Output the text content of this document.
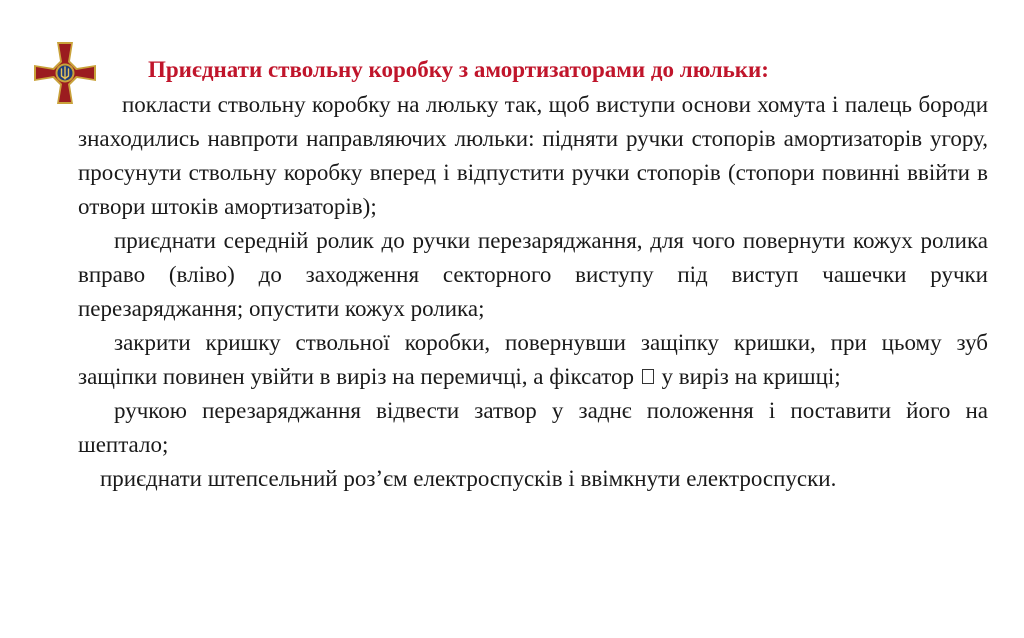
Приєднати ствольну коробку з амортизаторами до люльки:

покласти ствольну коробку на люльку так, щоб виступи основи хомута і палець бороди знаходились навпроти направляючих люльки: підняти ручки стопорів амортизаторів угору, просунути ствольну коробку вперед і відпустити ручки стопорів (стопори повинні ввійти в отвори штоків амортизаторів);

приєднати середній ролик до ручки перезаряджання, для чого повернути кожух ролика вправо (вліво) до заходження секторного виступу під виступ чашечки ручки перезаряджання; опустити кожух ролика;

закрити кришку ствольної коробки, повернувши защіпку кришки, при цьому зуб защіпки повинен увійти в виріз на перемичці, а фіксатор у виріз на кришці;

ручкою перезаряджання відвести затвор у заднє положення і поставити його на шептало;

приєднати штепсельний роз’єм електроспусків і ввімкнути електроспуски.
